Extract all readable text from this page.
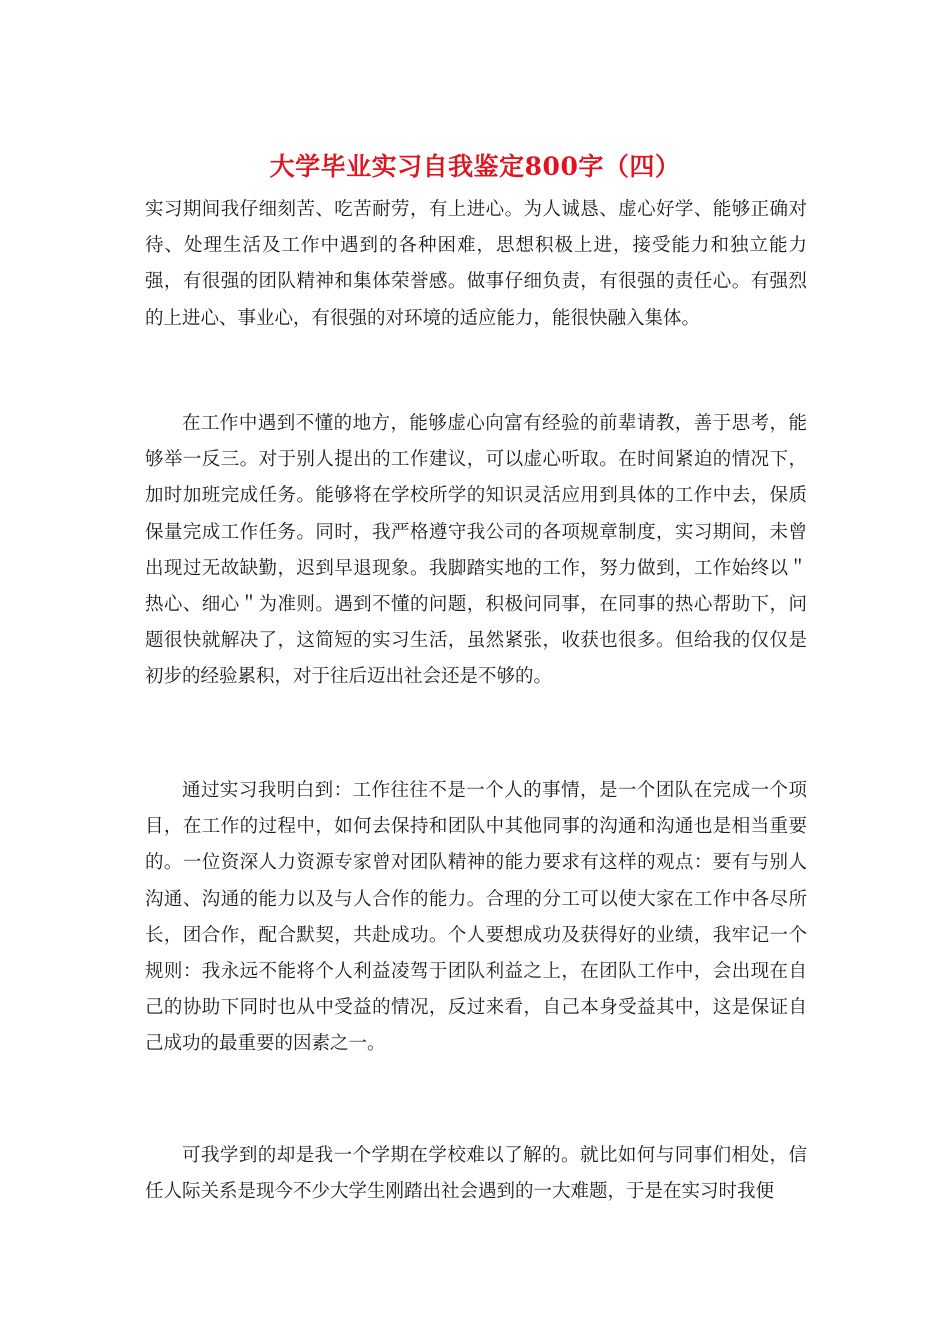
大学毕业实习自我鉴定800字（四）

实习期间我仔细刻苦、吃苦耐劳，有上进心。为人诚恳、虚心好学、能够正确对待、处理生活及工作中遇到的各种困难，思想积极上进，接受能力和独立能力强，有很强的团队精神和集体荣誉感。做事仔细负责，有很强的责任心。有强烈的上进心、事业心，有很强的对环境的适应能力，能很快融入集体。

在工作中遇到不懂的地方，能够虚心向富有经验的前辈请教，善于思考，能够举一反三。对于别人提出的工作建议，可以虚心听取。在时间紧迫的情况下，加时加班完成任务。能够将在学校所学的知识灵活应用到具体的工作中去，保质保量完成工作任务。同时，我严格遵守我公司的各项规章制度，实习期间，未曾出现过无故缺勤，迟到早退现象。我脚踏实地的工作，努力做到，工作始终以＂热心、细心＂为准则。遇到不懂的问题，积极问同事，在同事的热心帮助下，问题很快就解决了，这简短的实习生活，虽然紧张，收获也很多。但给我的仅仅是初步的经验累积，对于往后迈出社会还是不够的。

通过实习我明白到：工作往往不是一个人的事情，是一个团队在完成一个项目，在工作的过程中，如何去保持和团队中其他同事的沟通和沟通也是相当重要的。一位资深人力资源专家曾对团队精神的能力要求有这样的观点：要有与别人沟通、沟通的能力以及与人合作的能力。合理的分工可以使大家在工作中各尽所长，团合作，配合默契，共赴成功。个人要想成功及获得好的业绩，我牢记一个规则：我永远不能将个人利益凌驾于团队利益之上，在团队工作中，会出现在自己的协助下同时也从中受益的情况，反过来看，自己本身受益其中，这是保证自己成功的最重要的因素之一。

可我学到的却是我一个学期在学校难以了解的。就比如何与同事们相处，信任人际关系是现今不少大学生刚踏出社会遇到的一大难题，于是在实习时我便
